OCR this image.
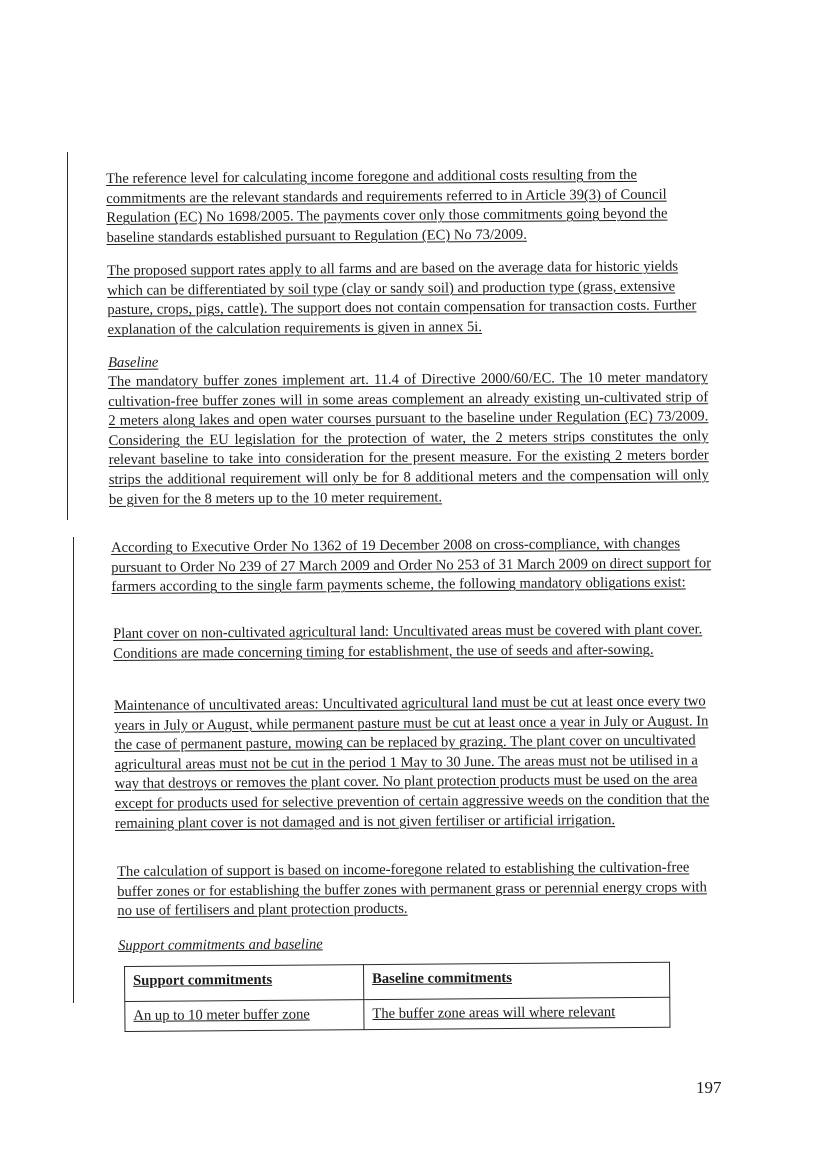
The reference level for calculating income foregone and additional costs resulting from the commitments are the relevant standards and requirements referred to in Article 39(3) of Council Regulation (EC) No 1698/2005. The payments cover only those commitments going beyond the baseline standards established pursuant to Regulation (EC) No 73/2009.

The proposed support rates apply to all farms and are based on the average data for historic yields which can be differentiated by soil type (clay or sandy soil) and production type (grass, extensive pasture, crops, pigs, cattle). The support does not contain compensation for transaction costs. Further explanation of the calculation requirements is given in annex 5i.

Baseline

The mandatory buffer zones implement art. 11.4 of Directive 2000/60/EC. The 10 meter mandatory cultivation-free buffer zones will in some areas complement an already existing un-cultivated strip of 2 meters along lakes and open water courses pursuant to the baseline under Regulation (EC) 73/2009. Considering the EU legislation for the protection of water, the 2 meters strips constitutes the only relevant baseline to take into consideration for the present measure. For the existing 2 meters border strips the additional requirement will only be for 8 additional meters and the compensation will only be given for the 8 meters up to the 10 meter requirement.

According to Executive Order No 1362 of 19 December 2008 on cross-compliance, with changes pursuant to Order No 239 of 27 March 2009 and Order No 253 of 31 March 2009 on direct support for farmers according to the single farm payments scheme, the following mandatory obligations exist:

Plant cover on non-cultivated agricultural land: Uncultivated areas must be covered with plant cover. Conditions are made concerning timing for establishment, the use of seeds and after-sowing.

Maintenance of uncultivated areas: Uncultivated agricultural land must be cut at least once every two years in July or August, while permanent pasture must be cut at least once a year in July or August. In the case of permanent pasture, mowing can be replaced by grazing. The plant cover on uncultivated agricultural areas must not be cut in the period 1 May to 30 June. The areas must not be utilised in a way that destroys or removes the plant cover. No plant protection products must be used on the area except for products used for selective prevention of certain aggressive weeds on the condition that the remaining plant cover is not damaged and is not given fertiliser or artificial irrigation.

The calculation of support is based on income-foregone related to establishing the cultivation-free buffer zones or for establishing the buffer zones with permanent grass or perennial energy crops with no use of fertilisers and plant protection products.

Support commitments and baseline

Support commitments	Baseline commitments
An up to 10 meter buffer zone	The buffer zone areas will where relevant

197
